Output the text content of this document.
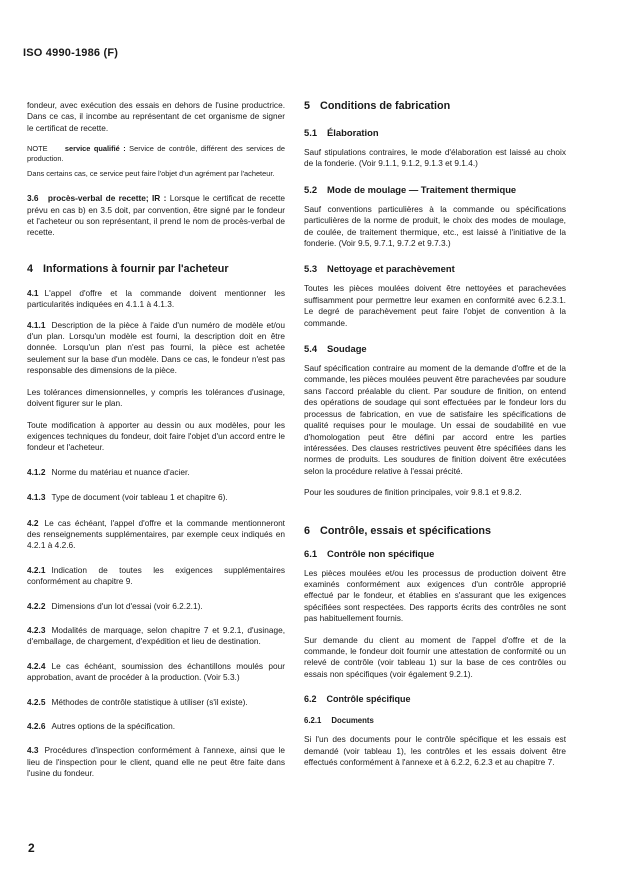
ISO 4990-1986 (F)

fondeur, avec exécution des essais en dehors de l'usine productrice. Dans ce cas, il incombe au représentant de cet organisme de signer le certificat de recette.

NOTE service qualifié : Service de contrôle, différent des services de production.

Dans certains cas, ce service peut faire l'objet d'un agrément par l'acheteur.

3.6 procès-verbal de recette; IR : Lorsque le certificat de recette prévu en cas b) en 3.5 doit, par convention, être signé par le fondeur et l'acheteur ou son représentant, il prend le nom de procès-verbal de recette.

4 Informations à fournir par l'acheteur

4.1 L'appel d'offre et la commande doivent mentionner les particularités indiquées en 4.1.1 à 4.1.3.

4.1.1 Description de la pièce à l'aide d'un numéro de modèle et/ou d'un plan. Lorsqu'un modèle est fourni, la description doit en être donnée. Lorsqu'un plan n'est pas fourni, la pièce est achetée seulement sur la base d'un modèle. Dans ce cas, le fondeur n'est pas responsable des dimensions de la pièce.

Les tolérances dimensionnelles, y compris les tolérances d'usinage, doivent figurer sur le plan.

Toute modification à apporter au dessin ou aux modèles, pour les exigences techniques du fondeur, doit faire l'objet d'un accord entre le fondeur et l'acheteur.

4.1.2 Norme du matériau et nuance d'acier.

4.1.3 Type de document (voir tableau 1 et chapitre 6).

4.2 Le cas échéant, l'appel d'offre et la commande mentionneront des renseignements supplémentaires, par exemple ceux indiqués en 4.2.1 à 4.2.6.

4.2.1 Indication de toutes les exigences supplémentaires conformément au chapitre 9.

4.2.2 Dimensions d'un lot d'essai (voir 6.2.2.1).

4.2.3 Modalités de marquage, selon chapitre 7 et 9.2.1, d'usinage, d'emballage, de chargement, d'expédition et lieu de destination.

4.2.4 Le cas échéant, soumission des échantillons moulés pour approbation, avant de procéder à la production. (Voir 5.3.)

4.2.5 Méthodes de contrôle statistique à utiliser (s'il existe).

4.2.6 Autres options de la spécification.

4.3 Procédures d'inspection conformément à l'annexe, ainsi que le lieu de l'inspection pour le client, quand elle ne peut être faite dans l'usine du fondeur.

5 Conditions de fabrication
5.1 Élaboration

Sauf stipulations contraires, le mode d'élaboration est laissé au choix de la fonderie. (Voir 9.1.1, 9.1.2, 9.1.3 et 9.1.4.)

5.2 Mode de moulage — Traitement thermique

Sauf conventions particulières à la commande ou spécifications particulières de la norme de produit, le choix des modes de moulage, de coulée, de traitement thermique, etc., est laissé à l'initiative de la fonderie. (Voir 9.5, 9.7.1, 9.7.2 et 9.7.3.)

5.3 Nettoyage et parachèvement

Toutes les pièces moulées doivent être nettoyées et parachevées suffisamment pour permettre leur examen en conformité avec 6.2.3.1. Le degré de parachèvement peut faire l'objet de convention à la commande.

5.4 Soudage

Sauf spécification contraire au moment de la demande d'offre et de la commande, les pièces moulées peuvent être parachevées par soudure sans l'accord préalable du client. Par soudure de finition, on entend des opérations de soudage qui sont effectuées par le fondeur lors du processus de fabrication, en vue de satisfaire les spécifications de qualité requises pour le moulage. Un essai de soudabilité en vue d'homologation peut être défini par accord entre les parties intéressées. Des clauses restrictives peuvent être spécifiées dans les normes de produits. Les soudures de finition doivent être exécutées selon la procédure relative à l'essai précité.

Pour les soudures de finition principales, voir 9.8.1 et 9.8.2.

6 Contrôle, essais et spécifications
6.1 Contrôle non spécifique

Les pièces moulées et/ou les processus de production doivent être examinés conformément aux exigences d'un contrôle approprié effectué par le fondeur, et établies en s'assurant que les exigences spécifiées sont respectées. Des rapports écrits des contrôles ne sont pas habituellement fournis.

Sur demande du client au moment de l'appel d'offre et de la commande, le fondeur doit fournir une attestation de conformité ou un relevé de contrôle (voir tableau 1) sur la base de ces contrôles ou essais non spécifiques (voir également 9.2.1).

6.2 Contrôle spécifique
6.2.1 Documents

Si l'un des documents pour le contrôle spécifique et les essais est demandé (voir tableau 1), les contrôles et les essais doivent être effectués conformément à l'annexe et à 6.2.2, 6.2.3 et au chapitre 7.

2
